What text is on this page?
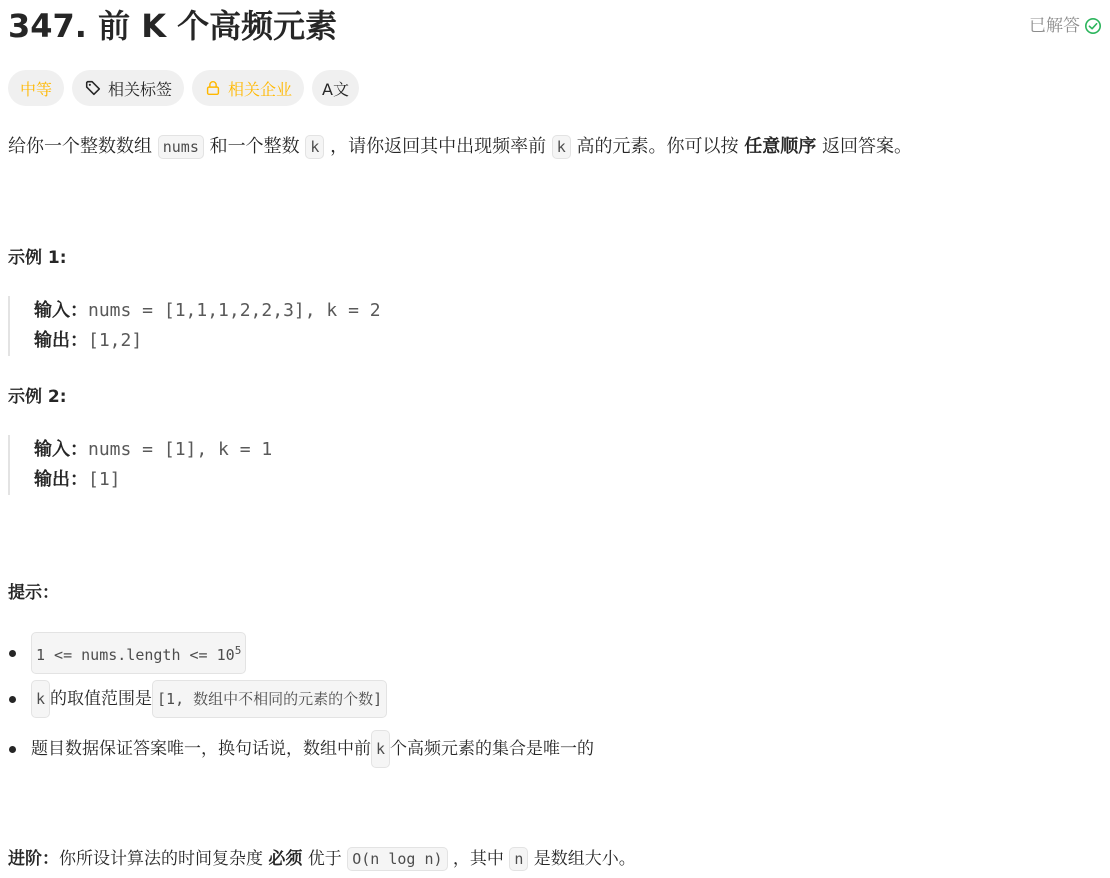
347. 前 K 个高频元素	已解答
中等	相关标签	相关企业 A文
给你一个整数数组 nums 和一个整数 k ，请你返回其中出现频率前 k 高的元素。你可以按 任意顺序 返回答案。
示例 1:
输入：nums = [1,1,1,2,2,3], k = 2
输出：[1,2]
示例 2:
输入：nums = [1], k = 1
输出：[1]
提示：
1 <= nums.length <= $10^5$
k 的取值范围是 [1, 数组中不相同的元素的个数]
题目数据保证答案唯一，换句话说，数组中前 k 个高频元素的集合是唯一的
进阶：你所设计算法的时间复杂度 必须 优于 O(n log n) ，其中 n 是数组大小。
